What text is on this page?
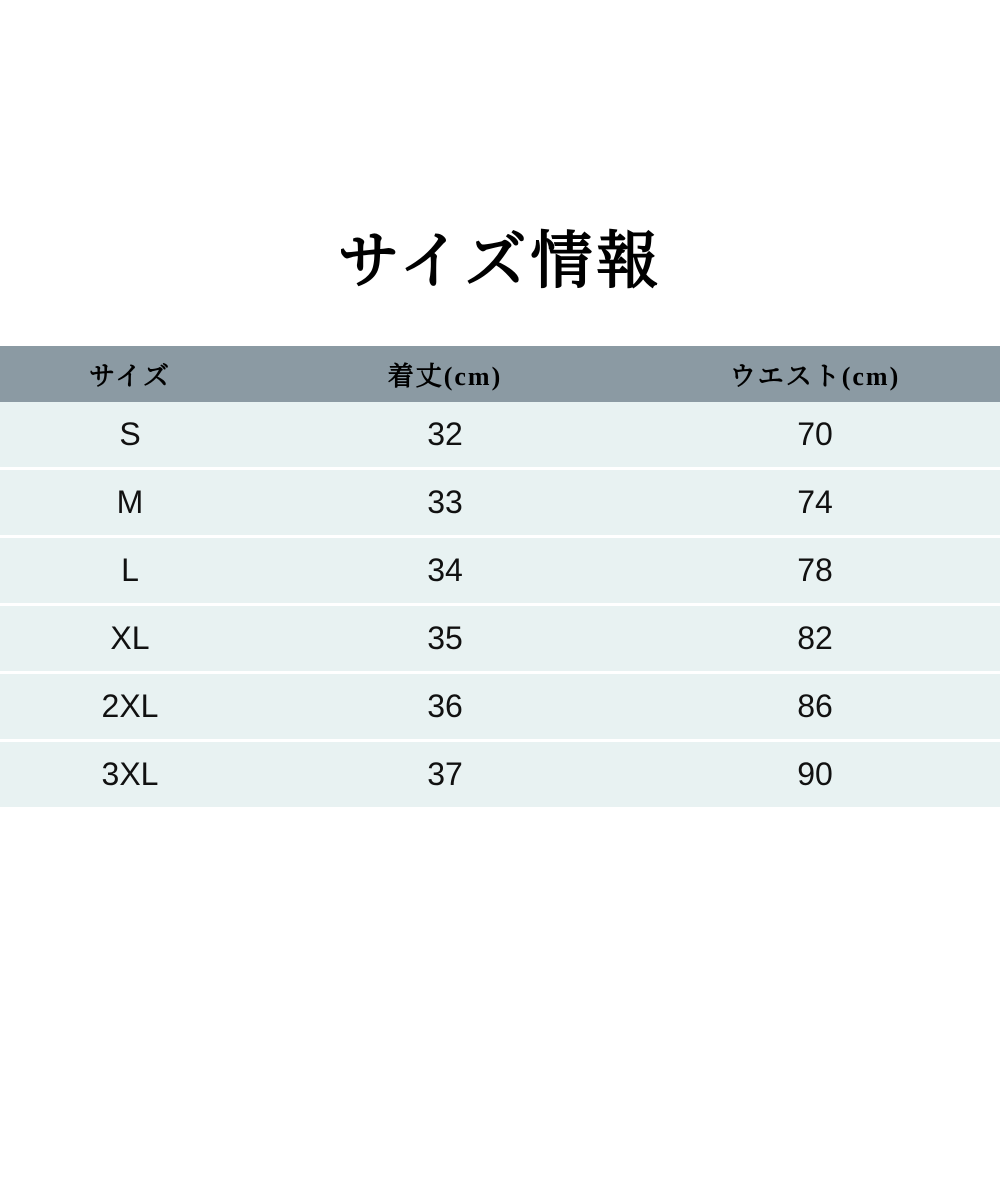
サイズ情報
サイズ	着丈(cm)	ウエスト(cm)
S	32	70
M	33	74
L	34	78
XL	35	82
2XL	36	86
3XL	37	90
